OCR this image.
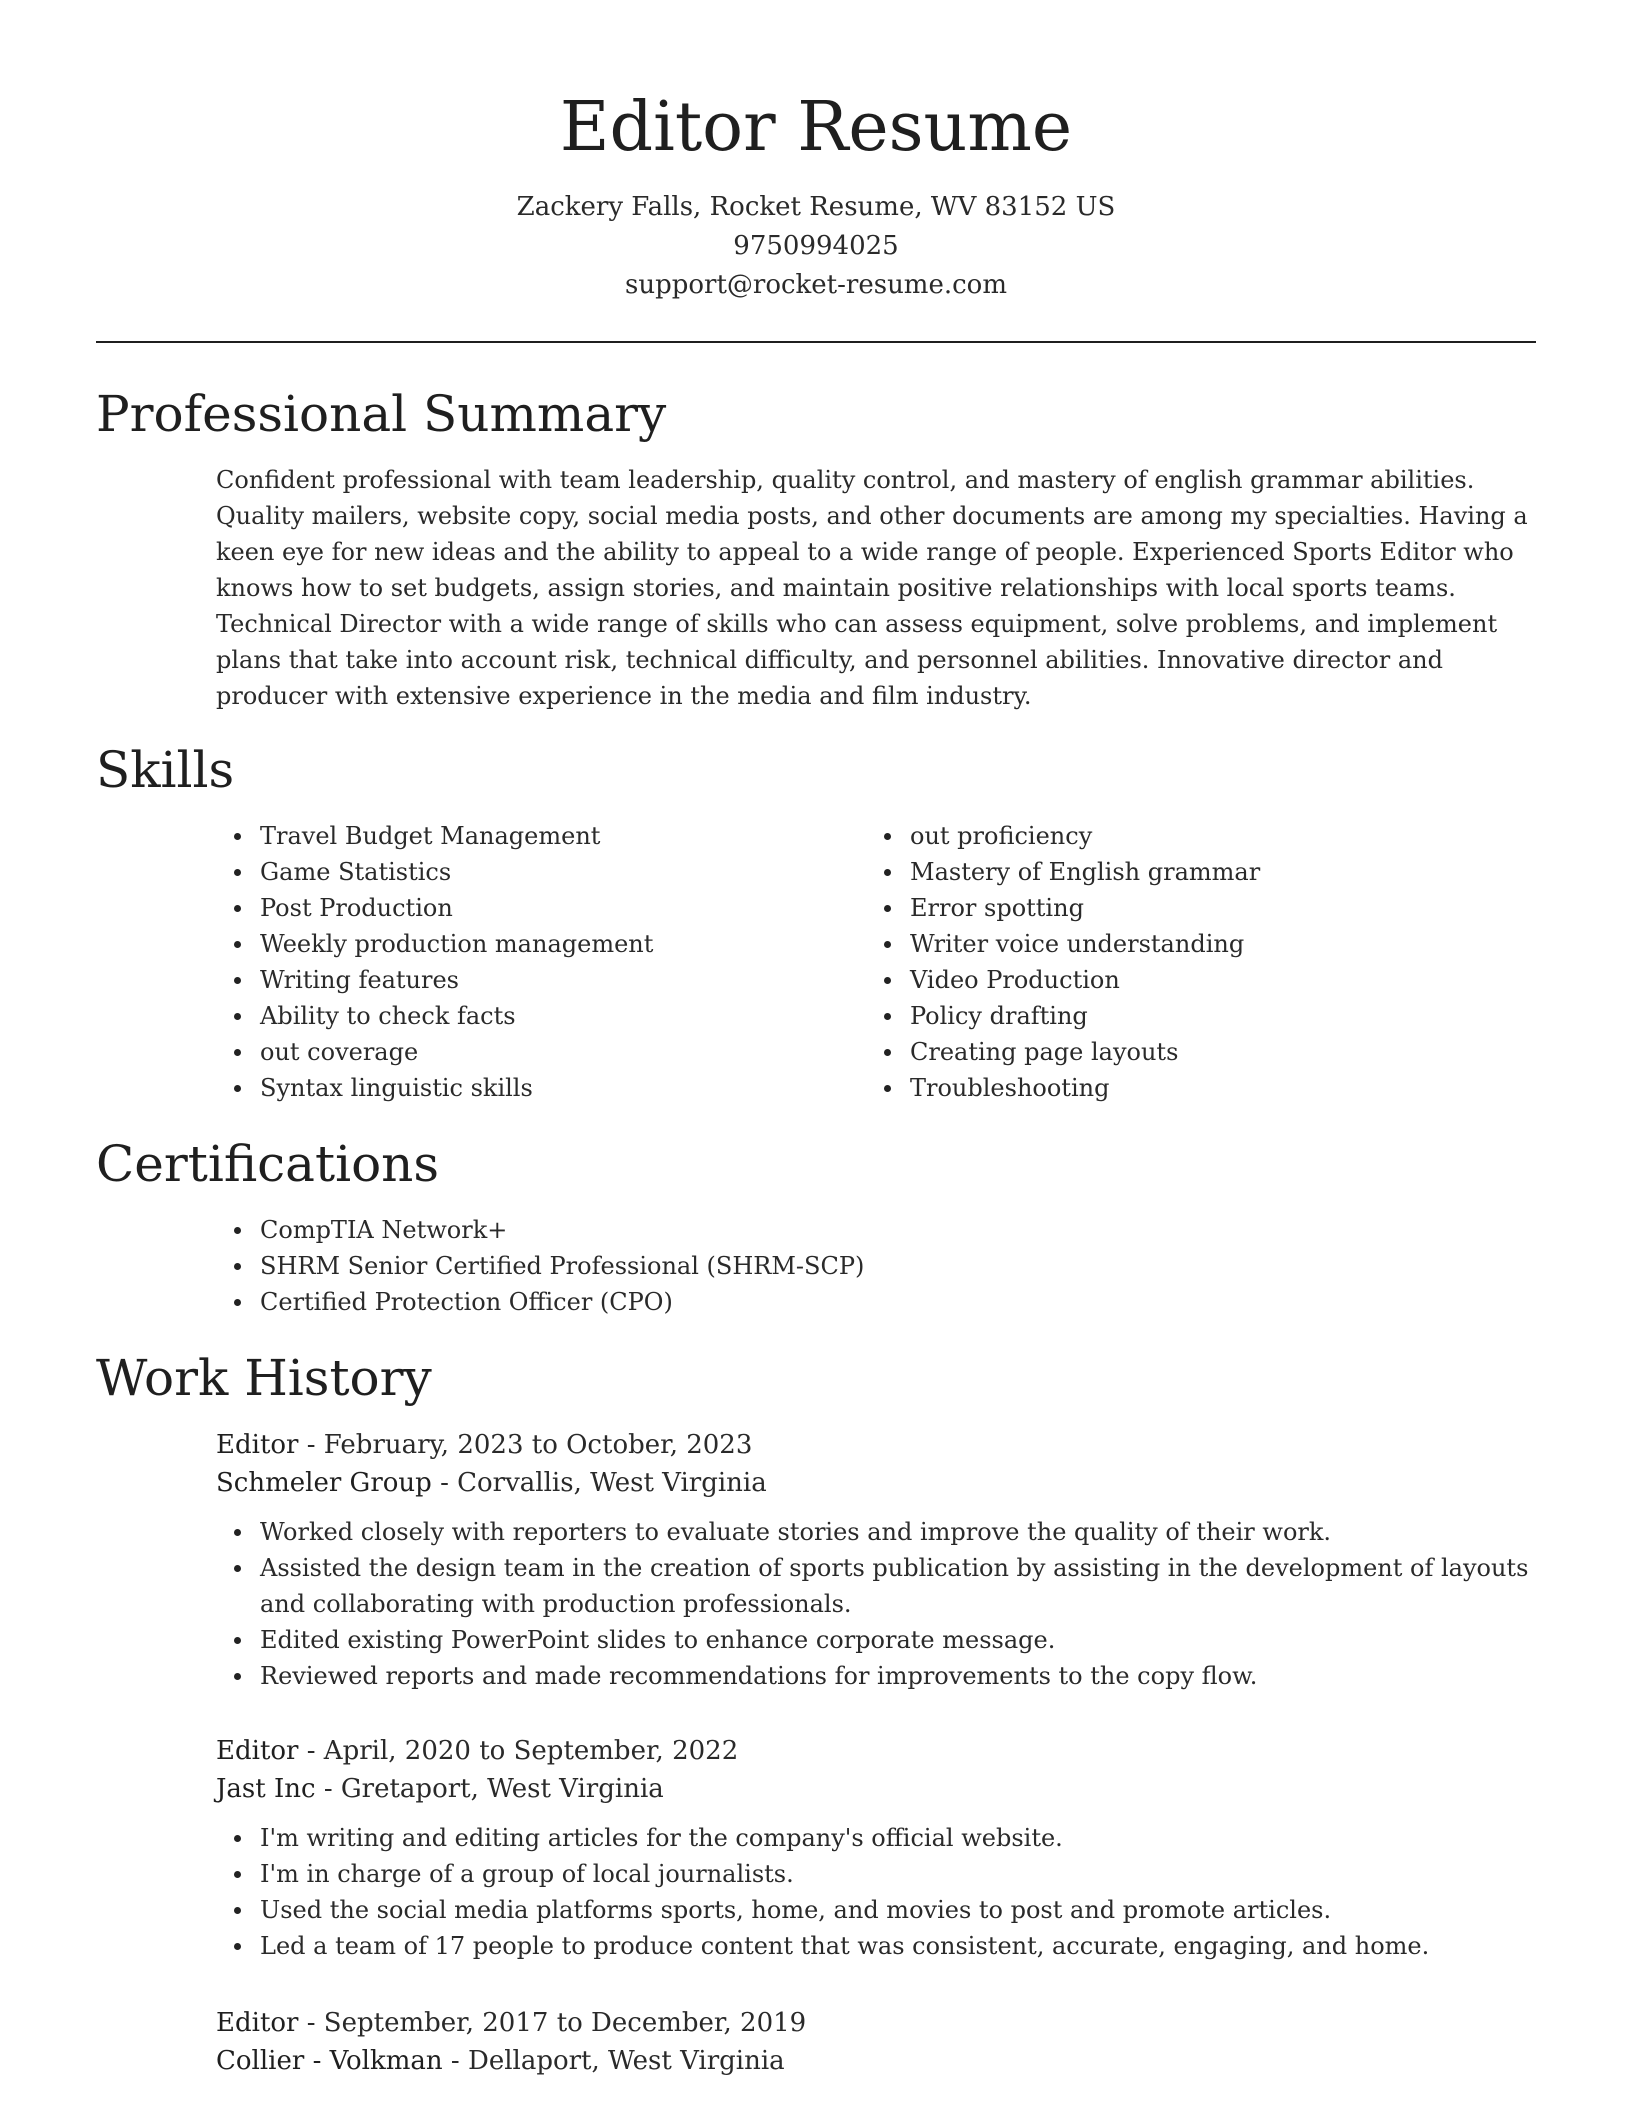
Editor Resume
Zackery Falls, Rocket Resume, WV 83152 US
9750994025
support@rocket-resume.com
Professional Summary

Confident professional with team leadership, quality control, and mastery of english grammar abilities. Quality mailers, website copy, social media posts, and other documents are among my specialties. Having a keen eye for new ideas and the ability to appeal to a wide range of people. Experienced Sports Editor who knows how to set budgets, assign stories, and maintain positive relationships with local sports teams. Technical Director with a wide range of skills who can assess equipment, solve problems, and implement plans that take into account risk, technical difficulty, and personnel abilities. Innovative director and producer with extensive experience in the media and film industry.

Skills
Travel Budget Management
Game Statistics
Post Production
Weekly production management
Writing features
Ability to check facts
out coverage
Syntax linguistic skills
out proficiency
Mastery of English grammar
Error spotting
Writer voice understanding
Video Production
Policy drafting
Creating page layouts
Troubleshooting
Certifications
CompTIA Network+
SHRM Senior Certified Professional (SHRM-SCP)
Certified Protection Officer (CPO)
Work History
Editor - February, 2023 to October, 2023
Schmeler Group - Corvallis, West Virginia
Worked closely with reporters to evaluate stories and improve the quality of their work.
Assisted the design team in the creation of sports publication by assisting in the development of layouts and collaborating with production professionals.
Edited existing PowerPoint slides to enhance corporate message.
Reviewed reports and made recommendations for improvements to the copy flow.
Editor - April, 2020 to September, 2022
Jast Inc - Gretaport, West Virginia
I'm writing and editing articles for the company's official website.
I'm in charge of a group of local journalists.
Used the social media platforms sports, home, and movies to post and promote articles.
Led a team of 17 people to produce content that was consistent, accurate, engaging, and home.
Editor - September, 2017 to December, 2019
Collier - Volkman - Dellaport, West Virginia
